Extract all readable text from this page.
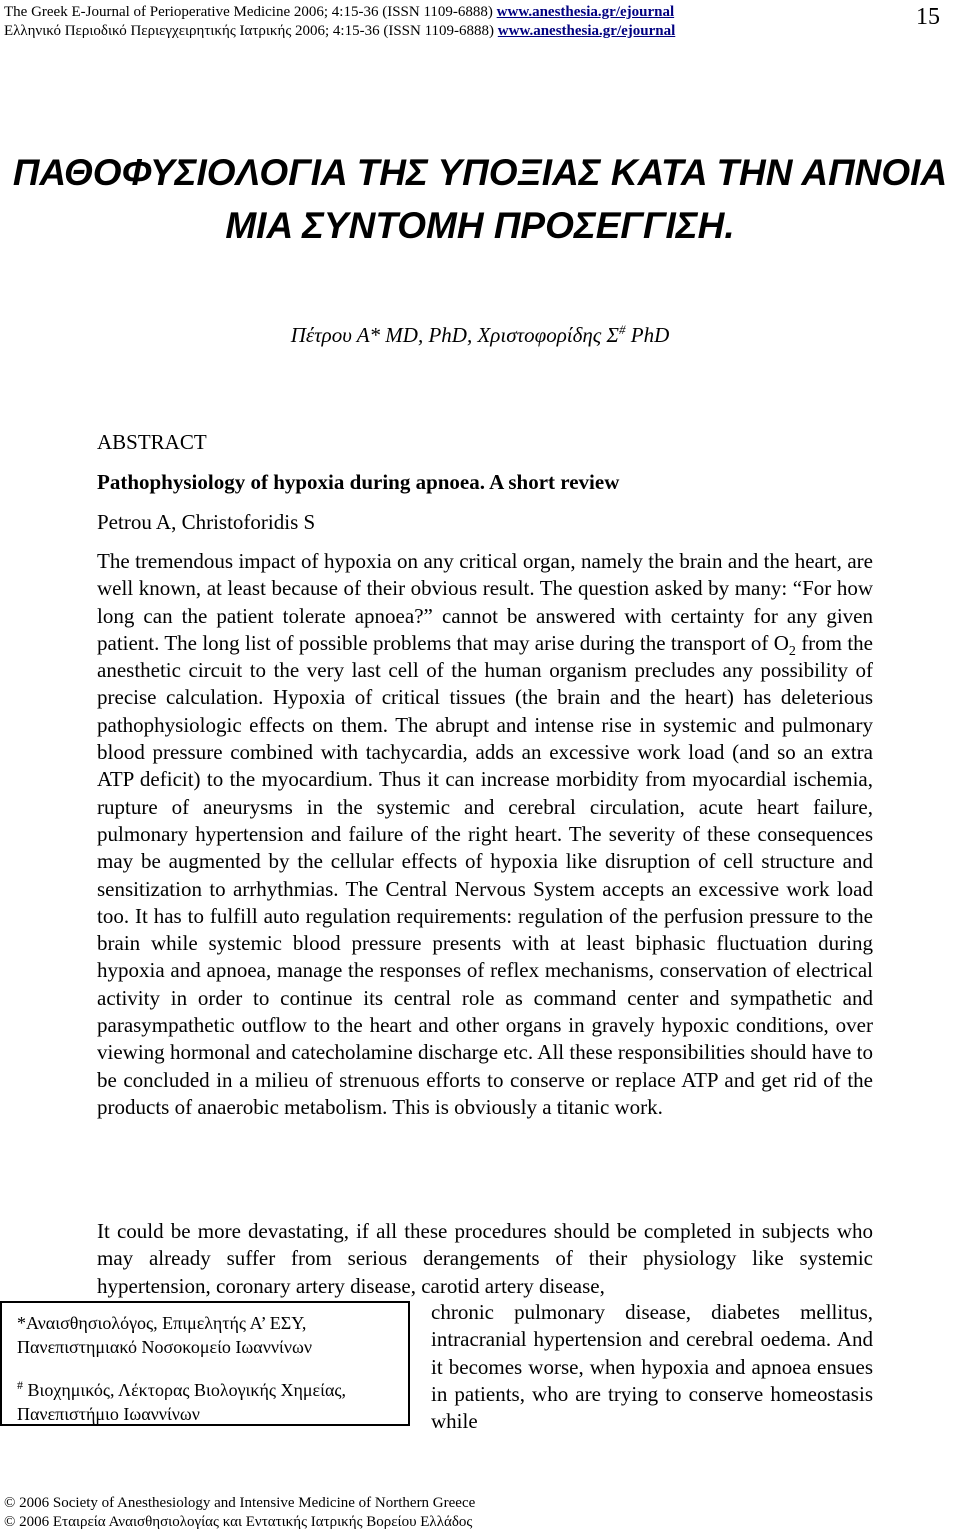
The Greek E-Journal of Perioperative Medicine 2006; 4:15-36 (ISSN 1109-6888) www.anesthesia.gr/ejournal
Ελληνικό Περιοδικό Περιεγχειρητικής Ιατρικής 2006; 4:15-36 (ISSN 1109-6888) www.anesthesia.gr/ejournal
15
ΠΑΘΟΦΥΣΙΟΛΟΓΙΑ ΤΗΣ ΥΠΟΞΙΑΣ ΚΑΤΑ ΤΗΝ ΑΠΝΟΙΑ
ΜΙΑ ΣΥΝΤΟΜΗ ΠΡΟΣΕΓΓΙΣΗ.
Πέτρου Α* MD, PhD, Χριστοφορίδης Σ# PhD
ABSTRACT
Pathophysiology of hypoxia during apnoea. A short review
Petrou A, Christoforidis S
The tremendous impact of hypoxia on any critical organ, namely the brain and the heart, are well known, at least because of their obvious result. The question asked by many: “For how long can the patient tolerate apnoea?” cannot be answered with certainty for any given patient. The long list of possible problems that may arise during the transport of $O_2$ from the anesthetic circuit to the very last cell of the human organism precludes any possibility of precise calculation. Hypoxia of critical tissues (the brain and the heart) has deleterious pathophysiologic effects on them. The abrupt and intense rise in systemic and pulmonary blood pressure combined with tachycardia, adds an excessive work load (and so an extra ATP deficit) to the myocardium. Thus it can increase morbidity from myocardial ischemia, rupture of aneurysms in the systemic and cerebral circulation, acute heart failure, pulmonary hypertension and failure of the right heart. The severity of these consequences may be augmented by the cellular effects of hypoxia like disruption of cell structure and sensitization to arrhythmias. The Central Nervous System accepts an excessive work load too. It has to fulfill auto regulation requirements: regulation of the perfusion pressure to the brain while systemic blood pressure presents with at least biphasic fluctuation during hypoxia and apnoea, manage the responses of reflex mechanisms, conservation of electrical activity in order to continue its central role as command center and sympathetic and parasympathetic outflow to the heart and other organs in gravely hypoxic conditions, over viewing hormonal and catecholamine discharge etc. All these responsibilities should have to be concluded in a milieu of strenuous efforts to conserve or replace ATP and get rid of the products of anaerobic metabolism. This is obviously a titanic work.
It could be more devastating, if all these procedures should be completed in subjects who may already suffer from serious derangements of their physiology like systemic hypertension, coronary artery disease, carotid artery disease,
chronic pulmonary disease, diabetes mellitus, intracranial hypertension and cerebral oedema. And it becomes worse, when hypoxia and apnoea ensues in patients, who are trying to conserve homeostasis while

*Αναισθησιολόγος, Επιμελητής Α’ ΕΣΥ,

Πανεπιστημιακό Νοσοκομείο Ιωαννίνων

# Βιοχημικός, Λέκτορας Βιολογικής Χημείας,

Πανεπιστήμιο Ιωαννίνων

© 2006 Society of Anesthesiology and Intensive Medicine of Northern Greece
© 2006 Εταιρεία Αναισθησιολογίας και Εντατικής Ιατρικής Βορείου Ελλάδος
